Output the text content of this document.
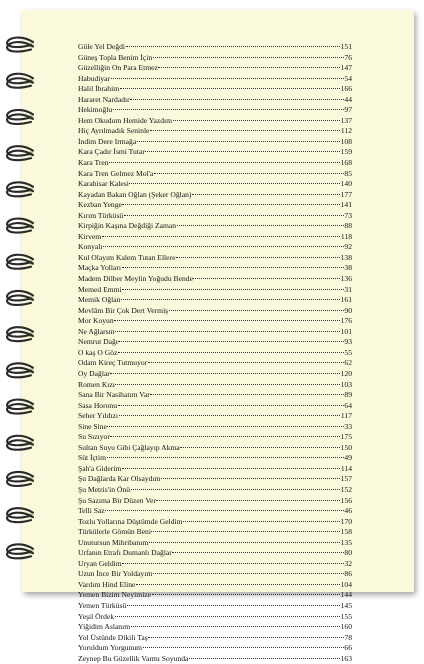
Güle Yel Değdi	151
Güneş Topla Benim İçin	76
Güzelliğin On Para Etmez	147
Habudiyar	54
Halil İbrahim	166
Hararet Nardadır	44
Hekimoğlu	97
Hem Okudum Hemide Yazdım	137
Hiç Ayrılmadık Seninle	112
İndim Dere Irmağa	108
Kara Çadır İsmi Tutar	159
Kara Tren	168
Kara Tren Gelmez Mol'a	85
Karahisar Kalesi	140
Kayadan Bakan Oğlan (Şeker Oğlan)	177
Kezban Yenge	141
Kırım Türküsü	73
Kirpiğin Kaşına Değdiği Zaman	88
Kirvem	118
Konyalı	92
Kul Olayım Kalem Tutan Ellere	138
Maçka Yolları	38
Madem Dilber Meylin Yoğudu Bende	136
Memed Emmi	31
Memik Oğlan	161
Mevlâm Bir Çok Dert Vermiş	90
Mor Koyun	176
Ne Ağlarsın	101
Nemrut Dağı	93
O kaş O Göz	55
Odam Kireç Tutmuyor	62
Oy Dağlar	120
Romen Kızı	103
Sana Bir Nasihatım Var	89
Sasa Horonu	64
Seher Yıldızı	117
Sine Sine	33
Su Sızıyor	175
Sultan Suyu Gibi Çağlayıp Akma	150
Süt İçtim	49
Şah'a Giderim	114
Şu Dağlarda Kar Olsaydım	157
Şu Metris'in Önü	152
Şu Sazıma Bir Düzen Ver	156
Telli Saz	46
Tozlu Yollarına Düştümde Geldim	170
Türkülerle Gömün Beni	158
Unutursun Mihribanım	135
Urfanın Etrafı Dumanlı Dağlar	80
Uryan Geldim	32
Uzun İnce Bir Yoldayım	86
Vardım Hind Eline	104
Yemen Bizim Neyimize	144
Yemen Türküsü	145
Yeşil Ördek	155
Yiğidim Aslanım	160
Yol Üstünde Dikili Taş	78
Yoruldum Yorgunum	66
Zeynep Bu Güzellik Varmı Soyunda	163
